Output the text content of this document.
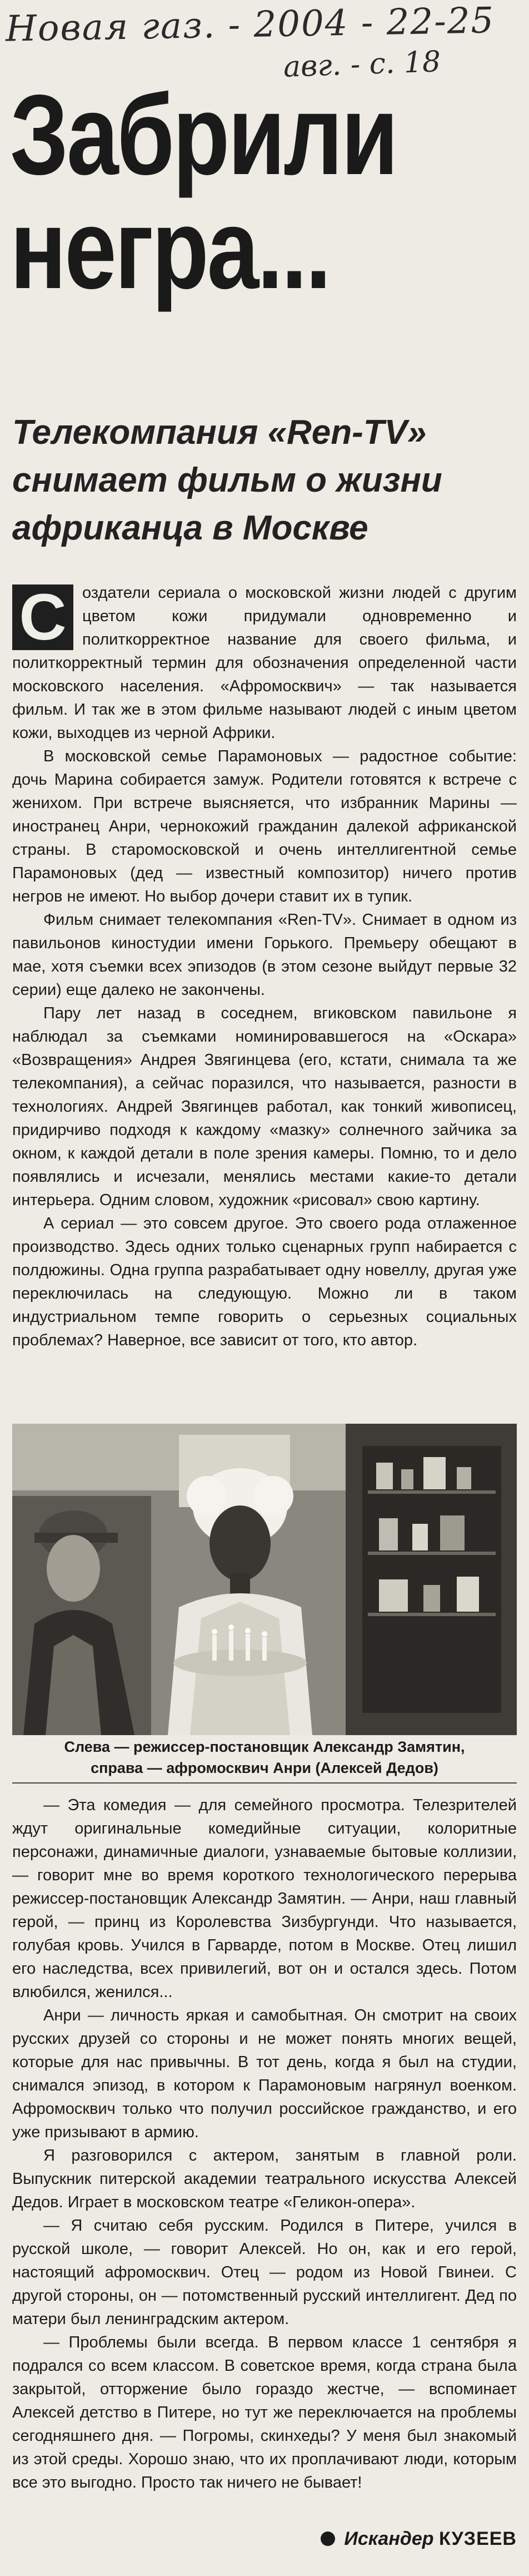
Новая газ. - 2004 - 22-25
авг. - с. 18
Забрили
негра...
Телекомпания «Ren-TV»
снимает фильм о жизни
африканца в Москве

С оздатели сериала о московской жизни людей с другим цветом кожи придумали одновременно и политкорректное название для своего фильма, и политкорректный термин для обозначения определенной части московского населения. «Афромосквич» — так называется фильм. И так же в этом фильме называют людей с иным цветом кожи, выходцев из черной Африки.

В московской семье Парамоновых — радостное событие: дочь Марина собирается замуж. Родители готовятся к встрече с женихом. При встрече выясняется, что избранник Марины — иностранец Анри, чернокожий гражданин далекой африканской страны. В старомосковской и очень интеллигентной семье Парамоновых (дед — известный композитор) ничего против негров не имеют. Но выбор дочери ставит их в тупик.

Фильм снимает телекомпания «Ren-TV». Снимает в одном из павильонов киностудии имени Горького. Премьеру обещают в мае, хотя съемки всех эпизодов (в этом сезоне выйдут первые 32 серии) еще далеко не закончены.

Пару лет назад в соседнем, вгиковском павильоне я наблюдал за съемками номинировавшегося на «Оскара» «Возвращения» Андрея Звягинцева (его, кстати, снимала та же телекомпания), а сейчас поразился, что называется, разности в технологиях. Андрей Звягинцев работал, как тонкий живописец, придирчиво подходя к каждому «мазку» солнечного зайчика за окном, к каждой детали в поле зрения камеры. Помню, то и дело появлялись и исчезали, менялись местами какие-то детали интерьера. Одним словом, художник «рисовал» свою картину.

А сериал — это совсем другое. Это своего рода отлаженное производство. Здесь одних только сценарных групп набирается с полдюжины. Одна группа разрабатывает одну новеллу, другая уже переключилась на следующую. Можно ли в таком индустриальном темпе говорить о серьезных социальных проблемах? Наверное, все зависит от того, кто автор.

Слева — режиссер-постановщик Александр Замятин,
справа — афромосквич Анри (Алексей Дедов)

— Эта комедия — для семейного просмотра. Телезрителей ждут оригинальные комедийные ситуации, колоритные персонажи, динамичные диалоги, узнаваемые бытовые коллизии, — говорит мне во время короткого технологического перерыва режиссер-постановщик Александр Замятин. — Анри, наш главный герой, — принц из Королевства Зизбургунди. Что называется, голубая кровь. Учился в Гарварде, потом в Москве. Отец лишил его наследства, всех привилегий, вот он и остался здесь. Потом влюбился, женился...

Анри — личность яркая и самобытная. Он смотрит на своих русских друзей со стороны и не может понять многих вещей, которые для нас привычны. В тот день, когда я был на студии, снимался эпизод, в котором к Парамоновым нагрянул военком. Афромосквич только что получил российское гражданство, и его уже призывают в армию.

Я разговорился с актером, занятым в главной роли. Выпускник питерской академии театрального искусства Алексей Дедов. Играет в московском театре «Геликон-опера».

— Я считаю себя русским. Родился в Питере, учился в русской школе, — говорит Алексей. Но он, как и его герой, настоящий афромосквич. Отец — родом из Новой Гвинеи. С другой стороны, он — потомственный русский интеллигент. Дед по матери был ленинградским актером.

— Проблемы были всегда. В первом классе 1 сентября я подрался со всем классом. В советское время, когда страна была закрытой, отторжение было гораздо жестче, — вспоминает Алексей детство в Питере, но тут же переключается на проблемы сегодняшнего дня. — Погромы, скинхеды? У меня был знакомый из этой среды. Хорошо знаю, что их проплачивают люди, которым все это выгодно. Просто так ничего не бывает!

Искандер КУЗЕЕВ
